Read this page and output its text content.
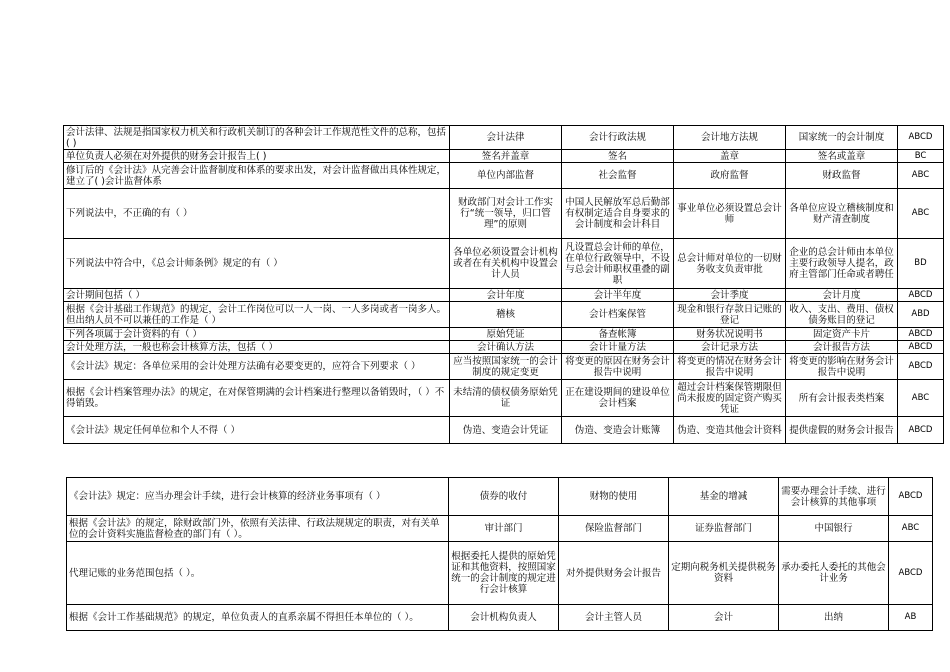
会计法律、法规是指国家权力机关和行政机关制订的各种会计工作规范性文件的总称，包括( )	会计法律	会计行政法规	会计地方法规	国家统一的会计制度	ABCD
单位负责人必须在对外提供的财务会计报告上( )	签名并盖章	签名	盖章	签名或盖章	BC
修订后的《会计法》从完善会计监督制度和体系的要求出发，对会计监督做出具体性规定，建立了( )会计监督体系	单位内部监督	社会监督	政府监督	财政监督	ABC
下列说法中，不正确的有（ ）	财政部门对会计工作实行“统一领导，归口管理”的原则	中国人民解放军总后勤部有权制定适合自身要求的会计制度和会计科目	事业单位必须设置总会计师	各单位应设立稽核制度和财产清查制度	ABC
下列说法中符合中，《总会计师条例》规定的有（ ）	各单位必须设置会计机构或者在有关机构中设置会计人员	凡设置总会计师的单位，在单位行政领导中，不设与总会计师职权重叠的副职	总会计师对单位的一切财务收支负责审批	企业的总会计师由本单位主要行政领导人提名，政府主管部门任命或者聘任	BD
会计期间包括（ ）	会计年度	会计半年度	会计季度	会计月度	ABCD
根据《会计基础工作规范》的规定，会计工作岗位可以一人一岗、一人多岗或者一岗多人。但出纳人员不可以兼任的工作是（ ）	稽核	会计档案保管	现金和银行存款日记账的登记	收入、支出、费用、债权债务账目的登记	ABD
下列各项属于会计资料的有（ ）	原始凭证	备查帐簿	财务状况说明书	固定资产卡片	ABCD
会计处理方法，一般也称会计核算方法，包括（ ）	会计确认方法	会计计量方法	会计记录方法	会计报告方法	ABCD
《会计法》规定：各单位采用的会计处理方法确有必要变更的，应符合下列要求（ ）	应当按照国家统一的会计制度的规定变更	将变更的原因在财务会计报告中说明	将变更的情况在财务会计报告中说明	将变更的影响在财务会计报告中说明	ABCD
根据《会计档案管理办法》的规定，在对保管期满的会计档案进行整理以备销毁时，（ ）不得销毁。	未结清的债权债务原始凭证	正在建设期间的建设单位会计档案	超过会计档案保管期限但尚未报废的固定资产购买凭证	所有会计报表类档案	ABC
《会计法》规定任何单位和个人不得（ ）	伪造、变造会计凭证	伪造、变造会计账簿	伪造、变造其他会计资料	提供虚假的财务会计报告	ABCD
《会计法》规定：应当办理会计手续，进行会计核算的经济业务事项有（ ）	债券的收付	财物的使用	基金的增减	需要办理会计手续、进行会计核算的其他事项	ABCD
根据《会计法》的规定，除财政部门外，依照有关法律、行政法规规定的职责，对有关单位的会计资料实施监督检查的部门有（ ）。	审计部门	保险监督部门	证券监督部门	中国银行	ABC
代理记账的业务范围包括（ ）。	根据委托人提供的原始凭证和其他资料，按照国家统一的会计制度的规定进行会计核算	对外提供财务会计报告	定期向税务机关提供税务资料	承办委托人委托的其他会计业务	ABCD
根据《会计工作基础规范》的规定，单位负责人的直系亲属不得担任本单位的（ ）。	会计机构负责人	会计主管人员	会计	出纳	AB
